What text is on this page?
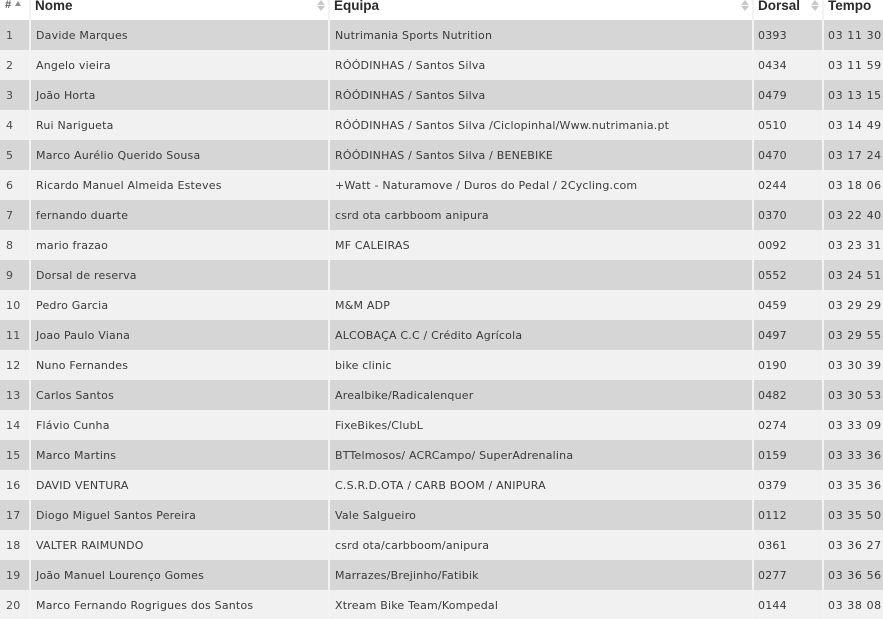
#	Nome	Equipa	Dorsal	Tempo
1	Davide Marques	Nutrimania Sports Nutrition	0393	03 11 30
2	Angelo vieira	RÓÓDINHAS / Santos Silva	0434	03 11 59
3	João Horta	RÓÓDINHAS / Santos Silva	0479	03 13 15
4	Rui Narigueta	RÓÓDINHAS / Santos Silva /Ciclopinhal/Www.nutrimania.pt	0510	03 14 49
5	Marco Aurélio Querido Sousa	RÓÓDINHAS / Santos Silva / BENEBIKE	0470	03 17 24
6	Ricardo Manuel Almeida Esteves	+Watt - Naturamove / Duros do Pedal / 2Cycling.com	0244	03 18 06
7	fernando duarte	csrd ota carbboom anipura	0370	03 22 40
8	mario frazao	MF CALEIRAS	0092	03 23 31
9	Dorsal de reserva		0552	03 24 51
10	Pedro Garcia	M&M ADP	0459	03 29 29
11	Joao Paulo Viana	ALCOBAÇA C.C / Crédito Agrícola	0497	03 29 55
12	Nuno Fernandes	bike clinic	0190	03 30 39
13	Carlos Santos	Arealbike/Radicalenquer	0482	03 30 53
14	Flávio Cunha	FixeBikes/ClubL	0274	03 33 09
15	Marco Martins	BTTelmosos/ ACRCampo/ SuperAdrenalina	0159	03 33 36
16	DAVID VENTURA	C.S.R.D.OTA / CARB BOOM / ANIPURA	0379	03 35 36
17	Diogo Miguel Santos Pereira	Vale Salgueiro	0112	03 35 50
18	VALTER RAIMUNDO	csrd ota/carbboom/anipura	0361	03 36 27
19	João Manuel Lourenço Gomes	Marrazes/Brejinho/Fatibik	0277	03 36 56
20	Marco Fernando Rogrigues dos Santos	Xtream Bike Team/Kompedal	0144	03 38 08
